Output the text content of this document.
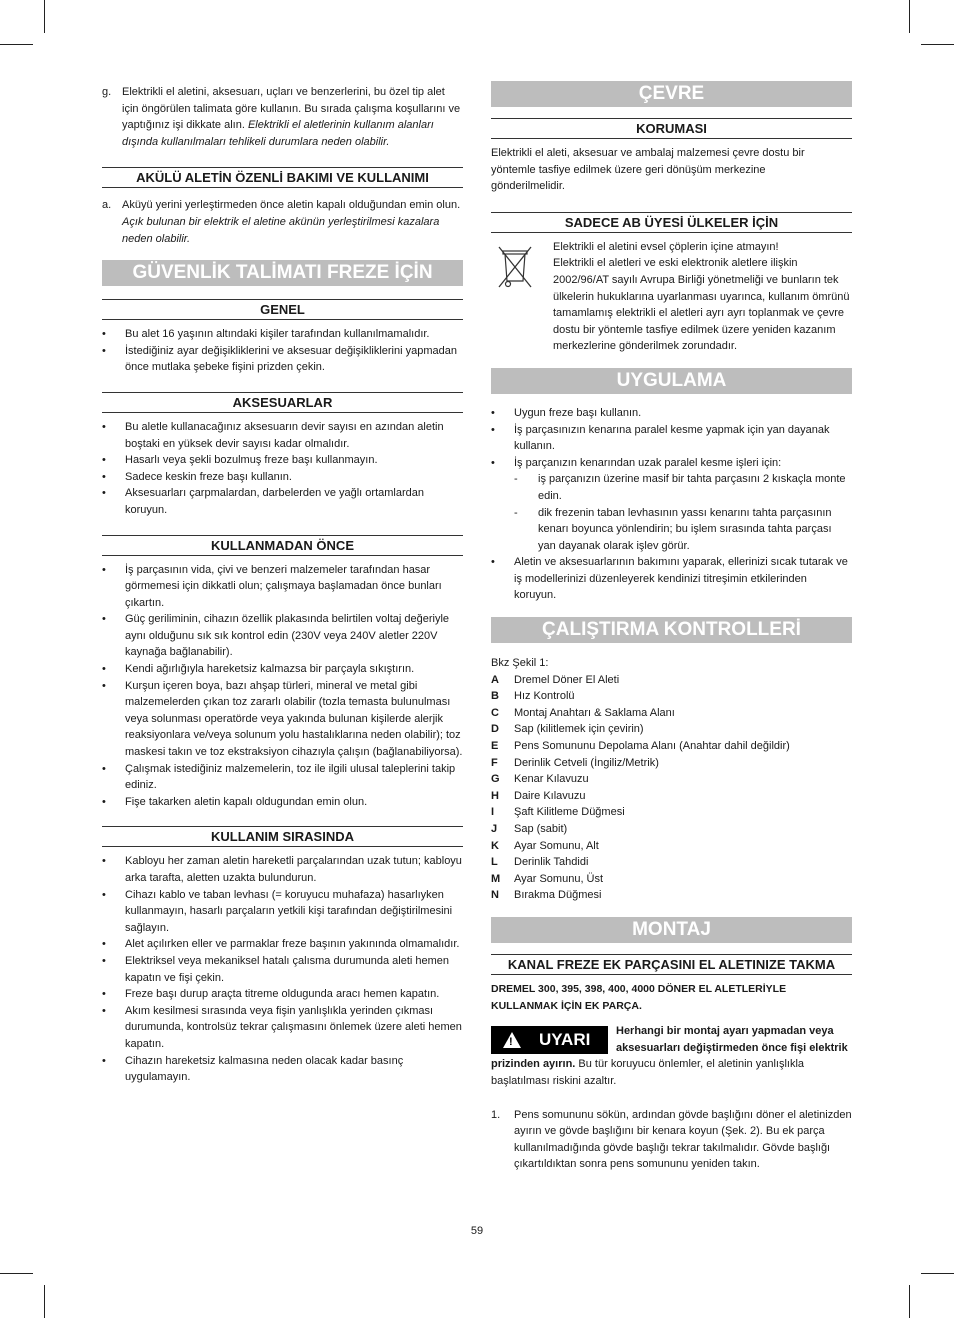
g. Elektrikli el aletini, aksesuarı, uçları ve benzerlerini, bu özel tip alet için öngörülen talimata göre kullanın. Bu sırada çalışma koşullarını ve yaptığınız işi dikkate alın. Elektrikli el aletlerinin kullanım alanları dışında kullanılmaları tehlikeli durumlara neden olabilir.

AKÜLÜ ALETİN ÖZENLİ BAKIMI VE KULLANIMI
a. Aküyü yerini yerleştirmeden önce aletin kapalı olduğundan emin olun. Açık bulunan bir elektrik el aletine akünün yerleştirilmesi kazalara neden olabilir.

GÜVENLİK TALİMATI FREZE İÇİN
GENEL
• Bu alet 16 yaşının altındaki kişiler tarafından kullanılmamalıdır.
• İstediğiniz ayar değişikliklerini ve aksesuar değişikliklerini yapmadan önce mutlaka şebeke fişini prizden çekin.
AKSESUARLAR
• Bu aletle kullanacağınız aksesuarın devir sayısı en azından aletin boştaki en yüksek devir sayısı kadar olmalıdır.
• Hasarlı veya şekli bozulmuş freze başı kullanmayın.
• Sadece keskin freze başı kullanın.
• Aksesuarları çarpmalardan, darbelerden ve yağlı ortamlardan koruyun.
KULLANMADAN ÖNCE
• İş parçasının vida, çivi ve benzeri malzemeler tarafından hasar görmemesi için dikkatli olun; çalışmaya başlamadan önce bunları çıkartın.
• Güç geriliminin, cihazın özellik plakasında belirtilen voltaj değeriyle aynı olduğunu sık sık kontrol edin (230V veya 240V aletler 220V kaynağa bağlanabilir).
• Kendi ağırlığıyla hareketsiz kalmazsa bir parçayla sıkıştırın.
• Kurşun içeren boya, bazı ahşap türleri, mineral ve metal gibi malzemelerden çıkan toz zararlı olabilir (tozla temasta bulunulması veya solunması operatörde veya yakında bulunan kişilerde alerjik reaksiyonlara ve/veya solunum yolu hastalıklarına neden olabilir); toz maskesi takın ve toz ekstraksiyon cihazıyla çalışın (bağlanabiliyorsa).
• Çalışmak istediğiniz malzemelerin, toz ile ilgili ulusal taleplerini takip ediniz.
• Fişe takarken aletin kapalı oldugundan emin olun.
KULLANIM SIRASINDA
• Kabloyu her zaman aletin hareketli parçalarından uzak tutun; kabloyu arka tarafta, aletten uzakta bulundurun.
• Cihazı kablo ve taban levhası (= koruyucu muhafaza) hasarlıyken kullanmayın, hasarlı parçaların yetkili kişi tarafından değiştirilmesini sağlayın.
• Alet açılırken eller ve parmaklar freze başının yakınında olmamalıdır.
• Elektriksel veya mekaniksel hatalı çalısma durumunda aleti hemen kapatın ve fişi çekin.
• Freze başı durup araçta titreme oldugunda aracı hemen kapatın.
• Akım kesilmesi sırasında veya fişin yanlışlıkla yerinden çıkması durumunda, kontrolsüz tekrar çalışmasını önlemek üzere aleti hemen kapatın.
• Cihazın hareketsiz kalmasına neden olacak kadar basınç uygulamayın.
ÇEVRE
KORUMASI

Elektrikli el aleti, aksesuar ve ambalaj malzemesi çevre dostu bir yöntemle tasfiye edilmek üzere geri dönüşüm merkezine gönderilmelidir.

SADECE AB ÜYESİ ÜLKELER İÇİN

Elektrikli el aletini evsel çöplerin içine atmayın!

Elektrikli el aletleri ve eski elektronik aletlere ilişkin 2002/96/AT sayılı Avrupa Birliği yönetmeliği ve bunların tek ülkelerin hukuklarına uyarlanması uyarınca, kullanım ömrünü tamamlamış elektrikli el aletleri ayrı ayrı toplanmak ve çevre dostu bir yöntemle tasfiye edilmek üzere yeniden kazanım merkezlerine gönderilmek zorundadır.

UYGULAMA
• Uygun freze başı kullanın.
• İş parçasınızın kenarına paralel kesme yapmak için yan dayanak kullanın.
• İş parçanızın kenarından uzak paralel kesme işleri için:
- iş parçanızın üzerine masif bir tahta parçasını 2 kıskaçla monte edin.
- dik frezenin taban levhasının yassı kenarını tahta parçasının kenarı boyunca yönlendirin; bu işlem sırasında tahta parçası yan dayanak olarak işlev görür.
• Aletin ve aksesuarlarının bakımını yaparak, ellerinizi sıcak tutarak ve iş modellerinizi düzenleyerek kendinizi titreşimin etkilerinden koruyun.
ÇALIŞTIRMA KONTROLLERİ

Bkz Şekil 1:

A	Dremel Döner El Aleti
B	Hız Kontrolü
C	Montaj Anahtarı & Saklama Alanı
D	Sap (kilitlemek için çevirin)
E	Pens Somununu Depolama Alanı (Anahtar dahil değildir)
F	Derinlik Cetveli (İngiliz/Metrik)
G	Kenar Kılavuzu
H	Daire Kılavuzu
I	Şaft Kilitleme Düğmesi
J	Sap (sabit)
K	Ayar Somunu, Alt
L	Derinlik Tahdidi
M	Ayar Somunu, Üst
N	Bırakma Düğmesi
MONTAJ
KANAL FREZE EK PARÇASINI EL ALETINIZE TAKMA

DREMEL 300, 395, 398, 400, 4000 DÖNER EL ALETLERİYLE KULLANMAK İÇİN EK PARÇA.

! UYARI Herhangi bir montaj ayarı yapmadan veya aksesuarları değiştirmeden önce fişi elektrik prizinden ayırın. Bu tür koruyucu önlemler, el aletinin yanlışlıkla başlatılması riskini azaltır.
1.	Pens somununu sökün, ardından gövde başlığını döner el aletinizden ayırın ve gövde başlığını bir kenara koyun (Şek. 2). Bu ek parça kullanılmadığında gövde başlığı tekrar takılmalıdır. Gövde başlığı çıkartıldıktan sonra pens somununu yeniden takın.

59
